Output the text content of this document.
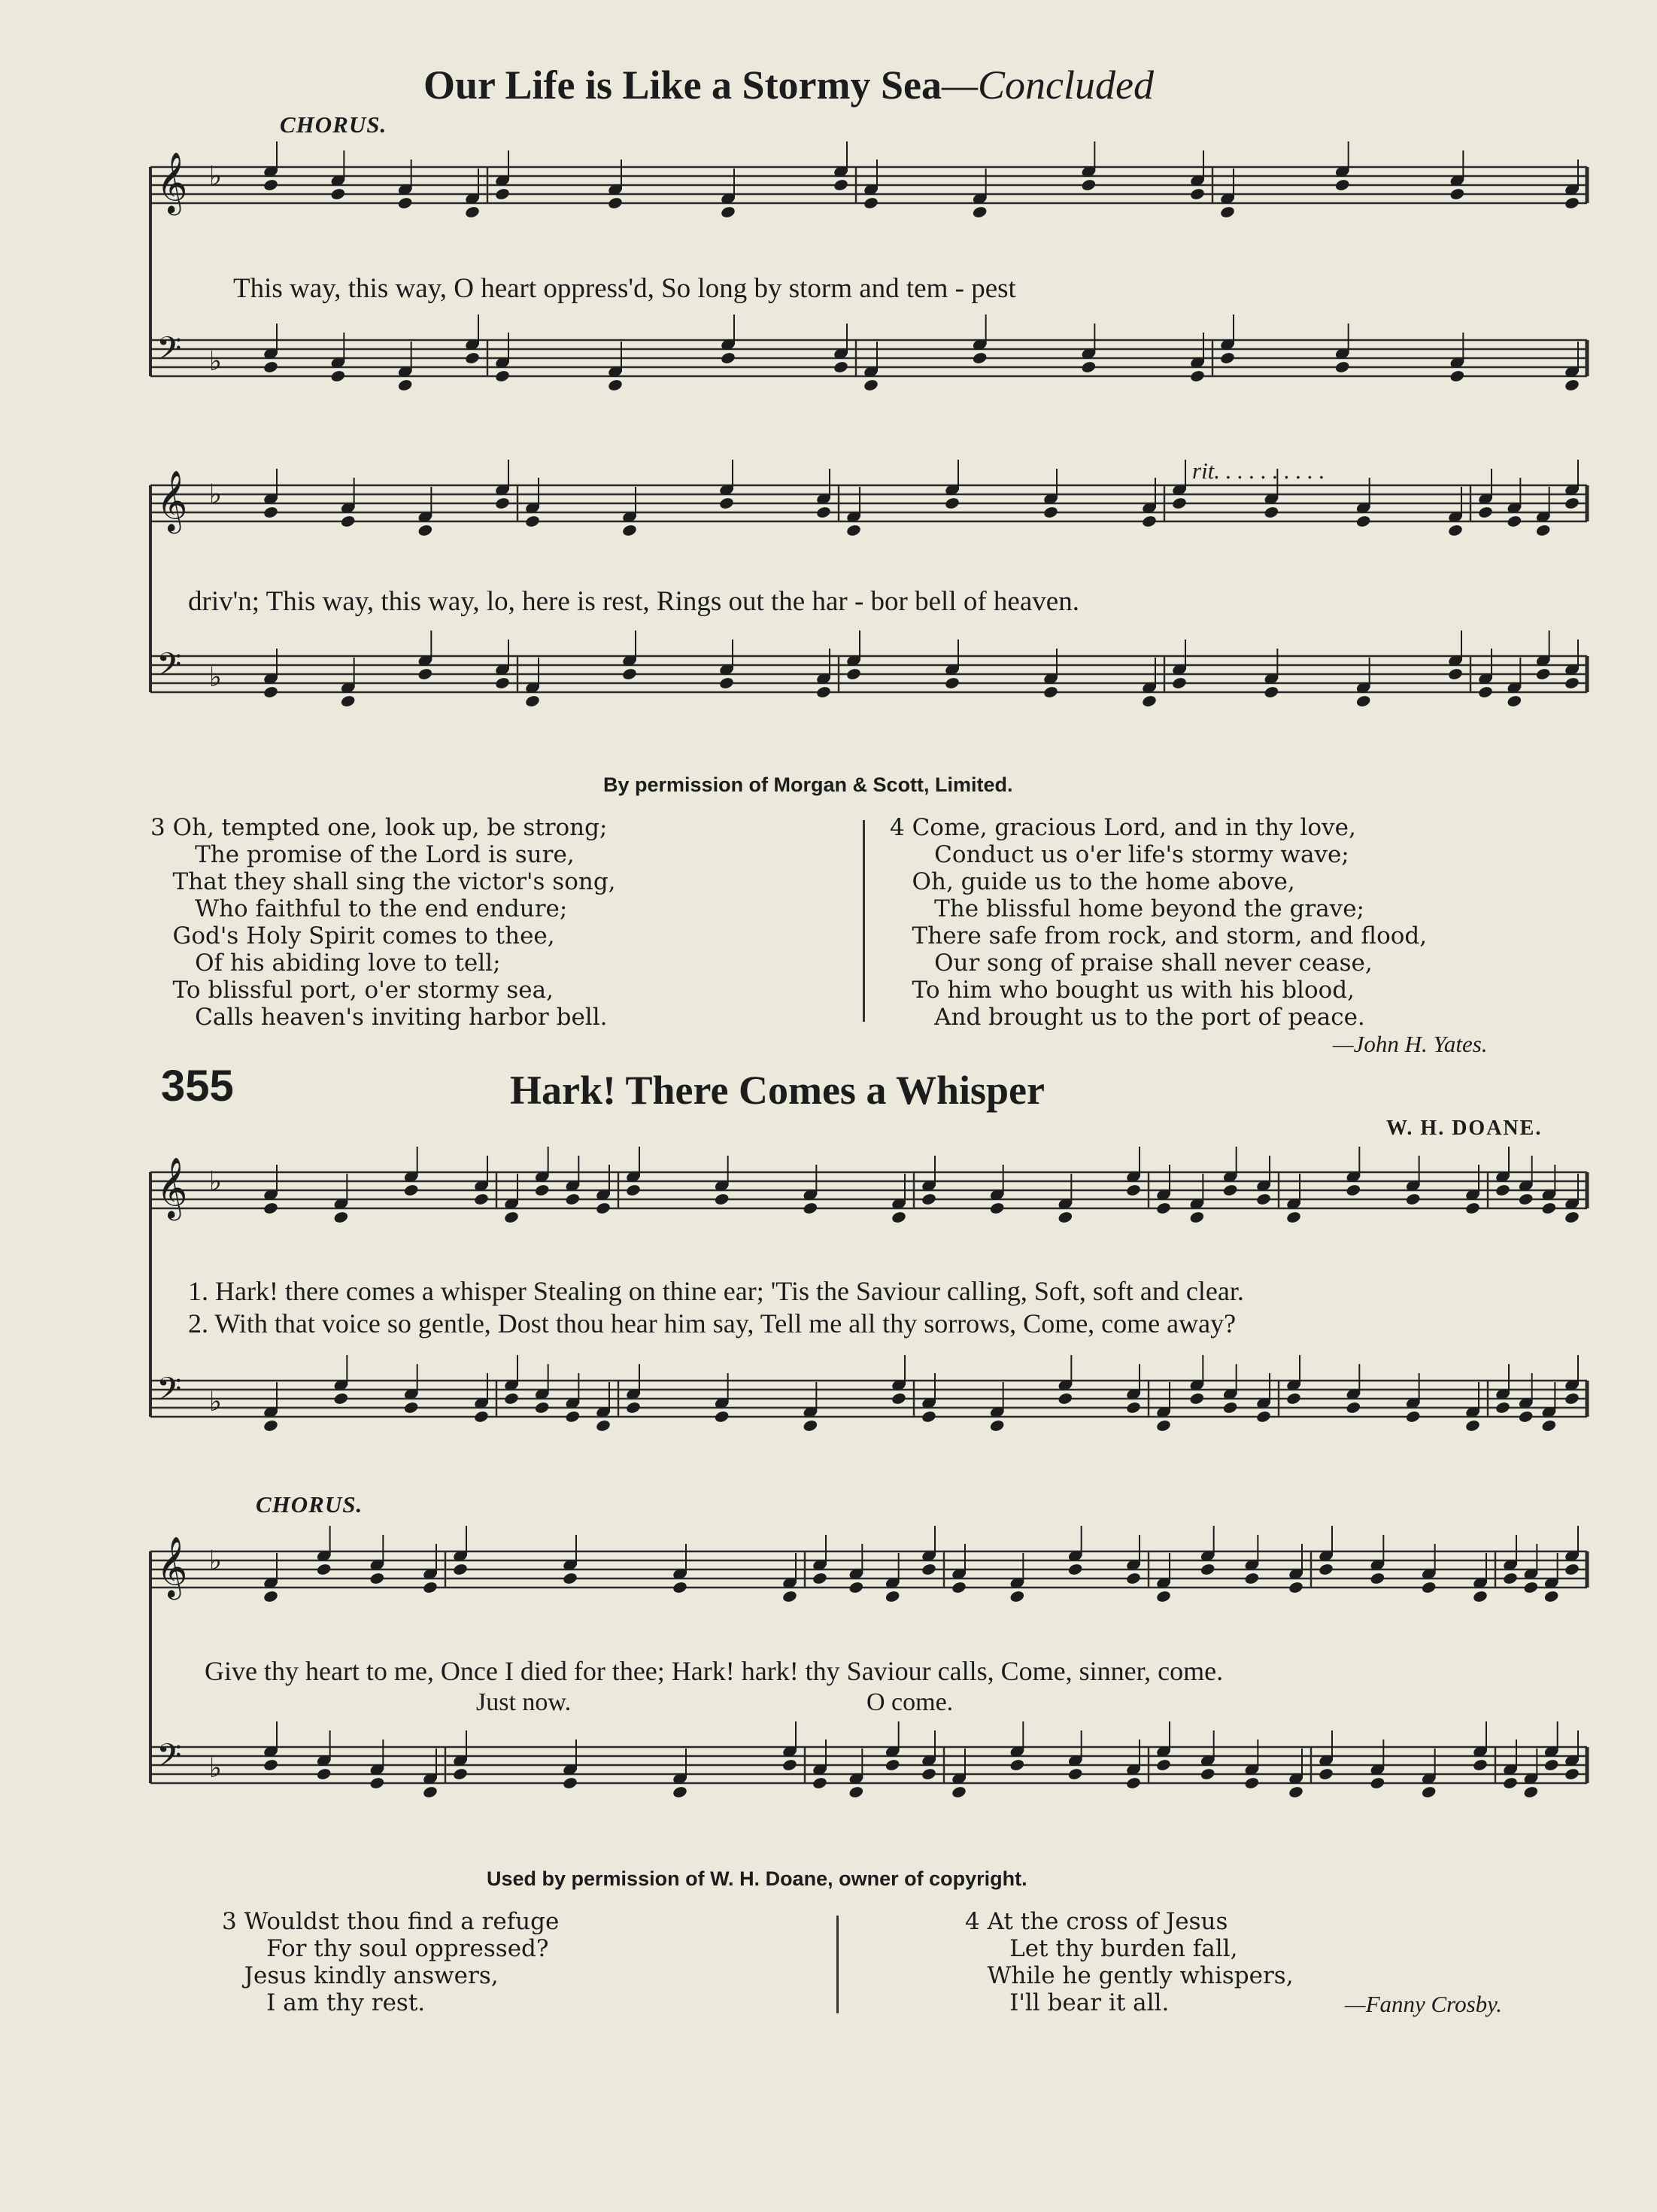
Our Life is Like a Stormy Sea—Concluded
CHORUS.
𝄞 ♭
𝄢 ♭
𝄞 ♭
𝄢 ♭
𝄞 ♭
𝄢 ♭
𝄞 ♭
𝄢 ♭
This way, this way, O heart oppress'd, So long by storm and tem - pest
rit. . . . . . . . . .
driv'n; This way, this way, lo, here is rest, Rings out the har - bor bell of heaven.
By permission of Morgan & Scott, Limited.
3 Oh, tempted one, look up, be strong;
The promise of the Lord is sure,
That they shall sing the victor's song,
Who faithful to the end endure;
God's Holy Spirit comes to thee,
Of his abiding love to tell;
To blissful port, o'er stormy sea,
Calls heaven's inviting harbor bell.
4 Come, gracious Lord, and in thy love,
Conduct us o'er life's stormy wave;
Oh, guide us to the home above,
The blissful home beyond the grave;
There safe from rock, and storm, and flood,
Our song of praise shall never cease,
To him who bought us with his blood,
And brought us to the port of peace.
—John H. Yates.
355	Hark! There Comes a Whisper
W. H. DOANE.
1. Hark! there comes a whisper Stealing on thine ear; 'Tis the Saviour calling, Soft, soft and clear.
2. With that voice so gentle, Dost thou hear him say, Tell me all thy sorrows, Come, come away?
CHORUS.
Give thy heart to me, Once I died for thee; Hark! hark! thy Saviour calls, Come, sinner, come.
Just now.	O come.
Used by permission of W. H. Doane, owner of copyright.
3 Wouldst thou find a refuge
For thy soul oppressed?
Jesus kindly answers,
I am thy rest.
4 At the cross of Jesus
Let thy burden fall,
While he gently whispers,
I'll bear it all.	—Fanny Crosby.
